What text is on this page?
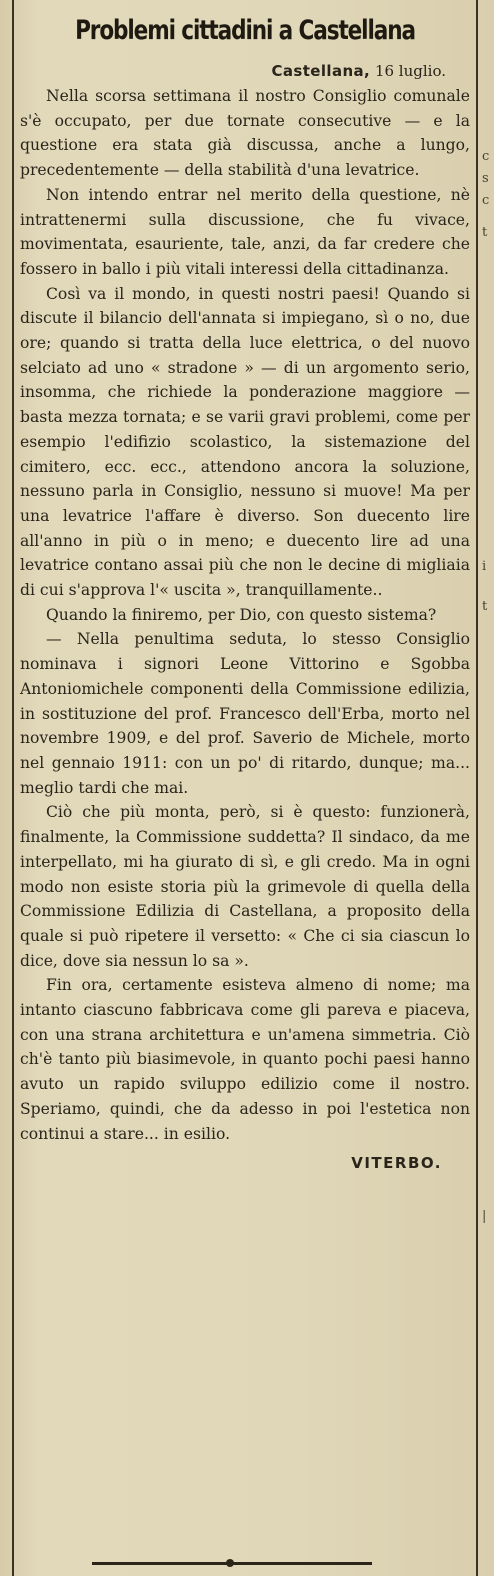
c
s
c
t
i
t
|
Problemi cittadini a Castellana
Castellana, 16 luglio.

Nella scorsa settimana il nostro Consiglio comunale s'è occupato, per due tornate consecutive — e la questione era stata già discussa, anche a lungo, precedentemente — della stabilità d'una levatrice.

Non intendo entrar nel merito della questione, nè intrattenermi sulla discussione, che fu vivace, movimentata, esauriente, tale, anzi, da far credere che fossero in ballo i più vitali interessi della cittadinanza.

Così va il mondo, in questi nostri paesi! Quando si discute il bilancio dell'annata si impiegano, sì o no, due ore; quando si tratta della luce elettrica, o del nuovo selciato ad uno « stradone » — di un argomento serio, insomma, che richiede la ponderazione maggiore — basta mezza tornata; e se varii gravi problemi, come per esempio l'edifizio scolastico, la sistemazione del cimitero, ecc. ecc., attendono ancora la soluzione, nessuno parla in Consiglio, nessuno si muove! Ma per una levatrice l'affare è diverso. Son duecento lire all'anno in più o in meno; e duecento lire ad una levatrice contano assai più che non le decine di migliaia di cui s'approva l'« uscita », tranquillamente..

Quando la finiremo, per Dio, con questo sistema?

— Nella penultima seduta, lo stesso Consiglio nominava i signori Leone Vittorino e Sgobba Antoniomichele componenti della Commissione edilizia, in sostituzione del prof. Francesco dell'Erba, morto nel novembre 1909, e del prof. Saverio de Michele, morto nel gennaio 1911: con un po' di ritardo, dunque; ma... meglio tardi che mai.

Ciò che più monta, però, si è questo: funzionerà, finalmente, la Commissione suddetta? Il sindaco, da me interpellato, mi ha giurato di sì, e gli credo. Ma in ogni modo non esiste storia più la grimevole di quella della Commissione Edilizia di Castellana, a proposito della quale si può ripetere il versetto: « Che ci sia ciascun lo dice, dove sia nessun lo sa ».

Fin ora, certamente esisteva almeno di nome; ma intanto ciascuno fabbricava come gli pareva e piaceva, con una strana architettura e un'amena simmetria. Ciò ch'è tanto più biasimevole, in quanto pochi paesi hanno avuto un rapido sviluppo edilizio come il nostro. Speriamo, quindi, che da adesso in poi l'estetica non continui a stare... in esilio.

VITERBO.
